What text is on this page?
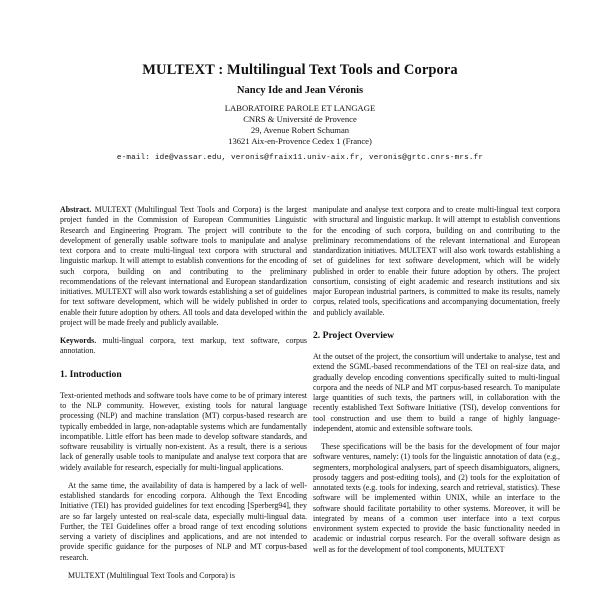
MULTEXT : Multilingual Text Tools and Corpora
Nancy Ide and Jean Véronis
LABORATOIRE PAROLE ET LANGAGE
CNRS & Université de Provence
29, Avenue Robert Schuman
13621 Aix-en-Provence Cedex 1 (France)
e-mail: ide@vassar.edu, veronis@fraix11.univ-aix.fr, veronis@grtc.cnrs-mrs.fr

Abstract. MULTEXT (Multilingual Text Tools and Corpora) is the largest project funded in the Commission of European Communities Linguistic Research and Engineering Program. The project will contribute to the development of generally usable software tools to manipulate and analyse text corpora and to create multi-lingual text corpora with structural and linguistic markup. It will attempt to establish conventions for the encoding of such corpora, building on and contributing to the preliminary recommendations of the relevant international and European standardization initiatives. MULTEXT will also work towards establishing a set of guidelines for text software development, which will be widely published in order to enable their future adoption by others. All tools and data developed within the project will be made freely and publicly available.

Keywords. multi-lingual corpora, text markup, text software, corpus annotation.

1. Introduction

Text-oriented methods and software tools have come to be of primary interest to the NLP community. However, existing tools for natural language processing (NLP) and machine translation (MT) corpus-based research are typically embedded in large, non-adaptable systems which are fundamentally incompatible. Little effort has been made to develop software standards, and software reusability is virtually non-existent. As a result, there is a serious lack of generally usable tools to manipulate and analyse text corpora that are widely available for research, especially for multi-lingual applications.

At the same time, the availability of data is hampered by a lack of well-established standards for encoding corpora. Although the Text Encoding Initiative (TEI) has provided guidelines for text encoding [Sperberg94], they are so far largely untested on real-scale data, especially multi-lingual data. Further, the TEI Guidelines offer a broad range of text encoding solutions serving a variety of disciplines and applications, and are not intended to provide specific guidance for the purposes of NLP and MT corpus-based research.

MULTEXT (Multilingual Text Tools and Corpora) is

manipulate and analyse text corpora and to create multi-lingual text corpora with structural and linguistic markup. It will attempt to establish conventions for the encoding of such corpora, building on and contributing to the preliminary recommendations of the relevant international and European standardization initiatives. MULTEXT will also work towards establishing a set of guidelines for text software development, which will be widely published in order to enable their future adoption by others. The project consortium, consisting of eight academic and research institutions and six major European industrial partners, is committed to make its results, namely corpus, related tools, specifications and accompanying documentation, freely and publicly available.

2. Project Overview

At the outset of the project, the consortium will undertake to analyse, test and extend the SGML-based recommendations of the TEI on real-size data, and gradually develop encoding conventions specifically suited to multi-lingual corpora and the needs of NLP and MT corpus-based research. To manipulate large quantities of such texts, the partners will, in collaboration with the recently established Text Software Initiative (TSI), develop conventions for tool construction and use them to build a range of highly language-independent, atomic and extensible software tools.

These specifications will be the basis for the development of four major software ventures, namely: (1) tools for the linguistic annotation of data (e.g., segmenters, morphological analysers, part of speech disambiguators, aligners, prosody taggers and post-editing tools), and (2) tools for the exploitation of annotated texts (e.g. tools for indexing, search and retrieval, statistics). These software will be implemented within UNIX, while an interface to the software should facilitate portability to other systems. Moreover, it will be integrated by means of a common user interface into a text corpus environment system expected to provide the basic functionality needed in academic or industrial corpus research. For the overall software design as well as for the development of tool components, MULTEXT
